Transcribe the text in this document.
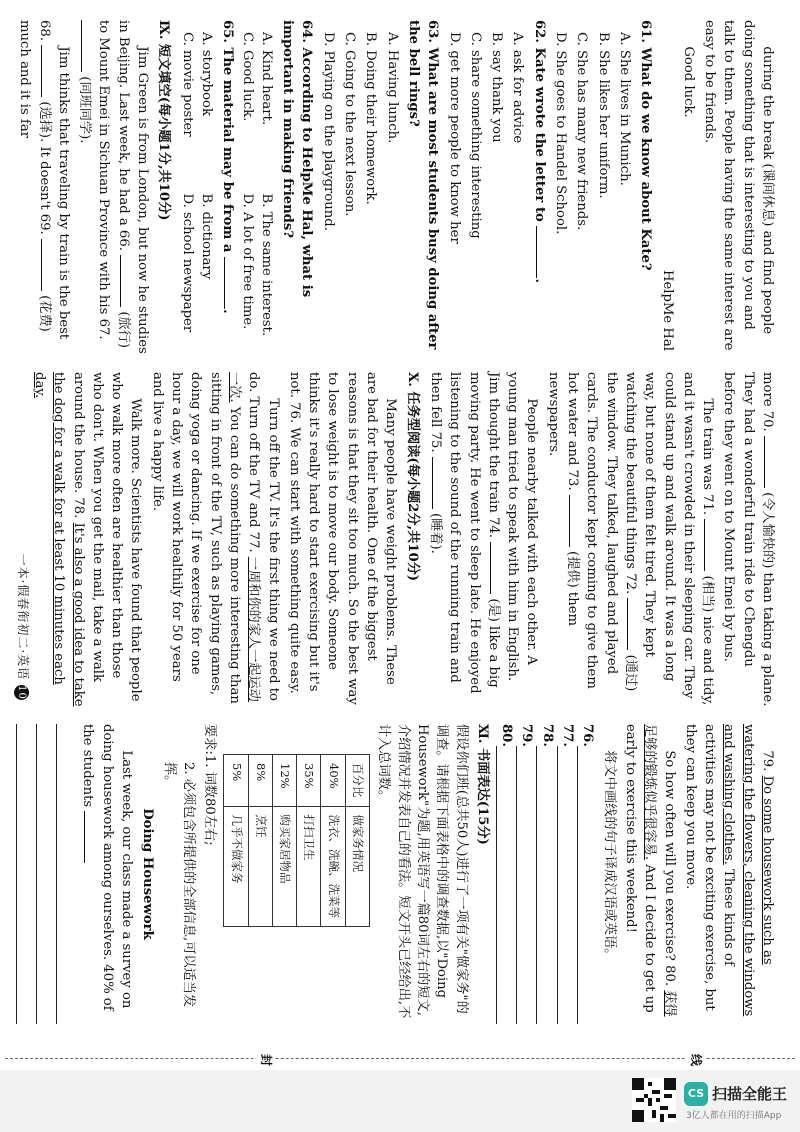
during the break (课间休息) and find people doing something that is interesting to you and talk to them. People having the same interest are easy to be friends.

Good luck.

HelpMe Hal

61. What do we know about Kate?

A. She lives in Munich.

B. She likes her uniform.

C. She has many new friends.

D. She goes to Handel School.

62. Kate wrote the letter to .

A. ask for advice

B. say thank you

C. share something interesting

D. get more people to know her

63. What are most students busy doing after the bell rings?

A. Having lunch.

B. Doing their homework.

C. Going to the next lesson.

D. Playing on the playground.

64. According to HelpMe Hal, what is important in making friends?

A. Kind heart.
B. The same interest.
C. Good luck.
D. A lot of free time.

65. The material may be from a .

A. storybook
B. dictionary
C. movie poster
D. school newspaper

Ⅸ. 短文填空(每小题1分,共10分)

Jim Green is from London, but now he studies in Beijing. Last week, he had a 66.  (旅行) to Mount Emei in Sichuan Province with his 67.  (同班同学).

Jim thinks that traveling by train is the best 68.  (选择). It doesn't 69.  (花费) much and it is far

more 70.  (令人愉快的) than taking a plane. They had a wonderful train ride to Chengdu before they went on to Mount Emei by bus.

The train was 71.  (相当) nice and tidy, and it wasn't crowded in their sleeping car. They could stand up and walk around. It was a long way, but none of them felt tired. They kept watching the beautiful things 72.  (通过) the window. They talked, laughed and played cards. The conductor kept coming to give them hot water and 73.  (提供) them newspapers.

People nearby talked with each other. A young man tried to speak with him in English. Jim thought the train 74.  (是) like a big moving party. He went to sleep late. He enjoyed listening to the sound of the running train and then fell 75.  (睡着).

Ⅹ. 任务型阅读(每小题2分,共10分)

Many people have weight problems. These are bad for their health. One of the biggest reasons is that they sit too much. So the best way to lose weight is to move our body. Someone thinks it's really hard to start exercising but it's not. 76. We can start with something quite easy.

Turn off the TV. It's the first thing we need to do. Turn off the TV and 77. 一周和你的家人一起运动一次. You can do something more interesting than sitting in front of the TV, such as playing games, doing yoga or dancing. If we exercise for one hour a day, we will work healthily for 50 years and live a happy life.

Walk more. Scientists have found that people who walk more often are healthier than those who don't. When you get the mail, take a walk around the house. 78. It's also a good idea to take the dog for a walk for at least 10 minutes each day.

79. Do some housework such as watering the flowers, cleaning the windows and washing clothes. These kinds of activities may not be exciting exercise, but they can keep you move.

So how often will you exercise? 80. 获得足够的锻炼似乎很容易. And I decide to get up early to exercise this weekend!

将文中画线的句子译成汉语或英语。

76.
77.
78.
79.
80.

Ⅺ. 书面表达(15分)

假设你们班(总共50人)进行了一项有关"做家务"的调查。请根据下面表格中的调查数据,以"Doing Housework"为题,用英语写一篇80词左右的短文,介绍情况并发表自己的看法。短文开头已经给出,不计入总词数。

百分比	做家务情况
40%	洗衣、洗碗、洗菜等
35%	打扫卫生
12%	购买家居物品
8%	烹饪
5%	几乎不做家务

要求:1. 词数80左右;

2. 必须包含所提供的全部信息,可以适当发挥。

Doing Housework

Last week, our class made a survey on doing housework among ourselves. 40% of the students

线
封
一本·假春衔初二·英语 10
CS 扫描全能王
3亿人都在用的扫描App
